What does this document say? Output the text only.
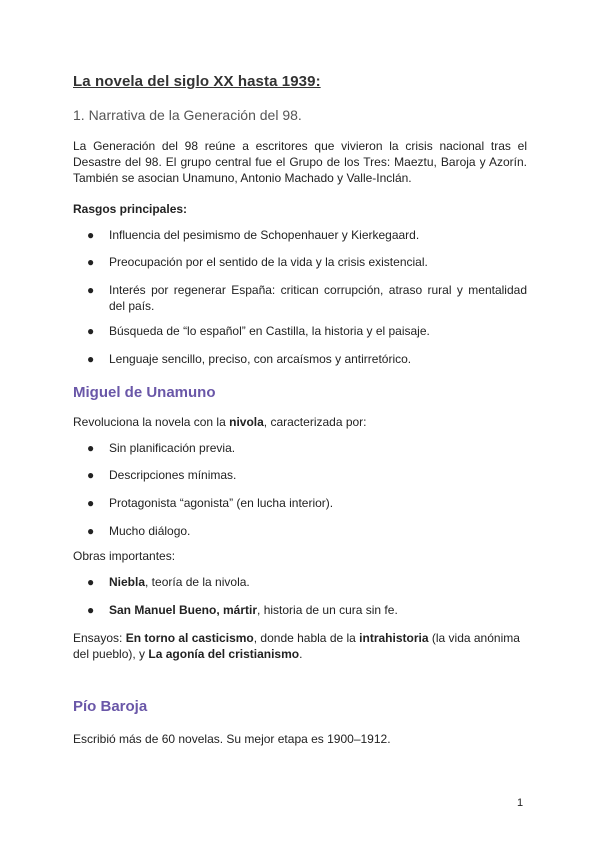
La novela del siglo XX hasta 1939:
1. Narrativa de la Generación del 98.
La Generación del 98 reúne a escritores que vivieron la crisis nacional tras el Desastre del 98. El grupo central fue el Grupo de los Tres: Maeztu, Baroja y Azorín. También se asocian Unamuno, Antonio Machado y Valle-Inclán.
Rasgos principales:
● Influencia del pesimismo de Schopenhauer y Kierkegaard.
● Preocupación por el sentido de la vida y la crisis existencial.
● Interés por regenerar España: critican corrupción, atraso rural y mentalidad del país.
● Búsqueda de “lo español” en Castilla, la historia y el paisaje.
● Lenguaje sencillo, preciso, con arcaísmos y antirretórico.
Miguel de Unamuno
Revoluciona la novela con la nivola, caracterizada por:
● Sin planificación previa.
● Descripciones mínimas.
● Protagonista “agonista” (en lucha interior).
● Mucho diálogo.
Obras importantes:
● Niebla, teoría de la nivola.
● San Manuel Bueno, mártir, historia de un cura sin fe.
Ensayos: En torno al casticismo, donde habla de la intrahistoria (la vida anónima del pueblo), y La agonía del cristianismo.
Pío Baroja
Escribió más de 60 novelas. Su mejor etapa es 1900–1912.
1
